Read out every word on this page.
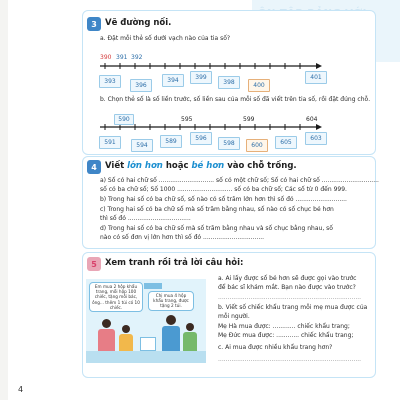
3 Vẽ đường nối.
a. Đặt mỗi thẻ số dưới vạch nào của tia số?
390 391 392
393
396
394	399
398	400
401
b. Chọn thẻ số là số liền trước, số liền sau của mỗi số đã viết trên tia số, rồi đặt đúng chỗ.
590	595	599	604
591	594
589	596
598	600	605
603
4 Viết lớn hơn hoặc bé hơn vào chỗ trống.
a) Số có hai chữ số ............................. số có một chữ số; Số có hai chữ số ..............................
số có ba chữ số; Số 1000 ............................. số có ba chữ số; Các số từ 0 đến 999.
b) Trong hai số có ba chữ số, số nào có số trăm lớn hơn thì số đó ...........................
c) Trong hai số có ba chữ số mà số trăm bằng nhau, số nào có số chục bé hơn
thì số đó .................................
d) Trong hai số có ba chữ số mà số trăm bằng nhau và số chục bằng nhau, số
nào có số đơn vị lớn hơn thì số đó ................................
5 Xem tranh rồi trả lời câu hỏi:
Em mua 2 hộp khẩu trang, mỗi hộp 100 chiếc, tặng mỗi bác, ông... thêm 1 túi có 10 chiếc.
Chị mua 4 hộp khẩu trang, được tặng 2 túi.
a. Ai lấy được số bé hơn sẽ được gọi vào trước
để bác sĩ khám mắt. Bạn nào được vào trước?
...........................................................................
b. Viết số chiếc khẩu trang mỗi mẹ mua được của
mỗi người.
Mẹ Hà mua được: ............ chiếc khẩu trang;
Mẹ Đức mua được: ............ chiếc khẩu trang;
c. Ai mua được nhiều khẩu trang hơn?
...........................................................................
4
